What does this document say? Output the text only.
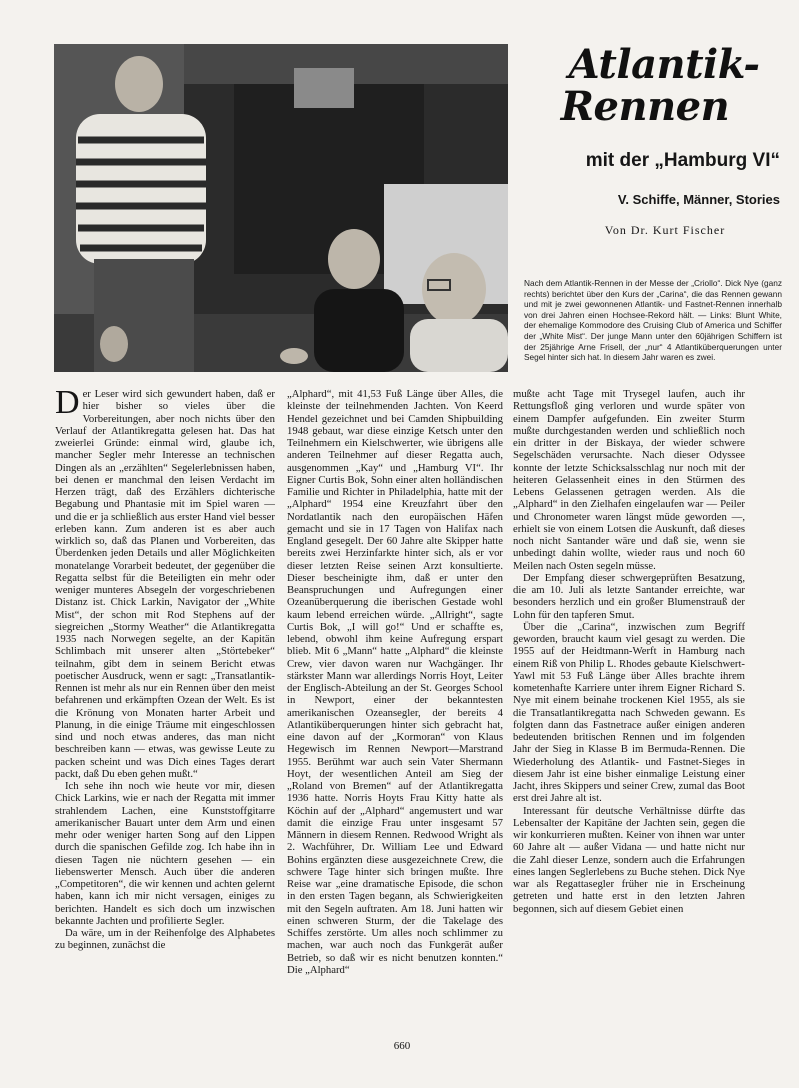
Atlantik-
Rennen
mit der „Hamburg VI“
V. Schiffe, Männer, Stories
Von Dr. Kurt Fischer
Nach dem Atlantik-Rennen in der Messe der „Criollo“. Dick Nye (ganz rechts) berichtet über den Kurs der „Carina“, die das Rennen gewann und mit je zwei gewonnenen Atlantik- und Fastnet-Rennen innerhalb von drei Jahren einen Hochsee-Rekord hält. — Links: Blunt White, der ehemalige Kommodore des Cruising Club of America und Schiffer der „White Mist“. Der junge Mann unter den 60jährigen Schiffern ist der 25jährige Arne Frisell, der „nur“ 4 Atlantiküberquerungen unter Segel hinter sich hat. In diesem Jahr waren es zwei.

Der Leser wird sich gewundert haben, daß er hier bisher so vieles über die Vorbereitungen, aber noch nichts über den Verlauf der Atlantikregatta gelesen hat. Das hat zweierlei Gründe: einmal wird, glaube ich, mancher Segler mehr Interesse an technischen Dingen als an „erzählten“ Segelerlebnissen haben, bei denen er manchmal den leisen Verdacht im Herzen trägt, daß des Erzählers dichterische Begabung und Phantasie mit im Spiel waren — und die er ja schließlich aus erster Hand viel besser erleben kann. Zum anderen ist es aber auch wirklich so, daß das Planen und Vorbereiten, das Überdenken jeden Details und aller Möglichkeiten monatelange Vorarbeit bedeutet, der gegenüber die Regatta selbst für die Beteiligten ein mehr oder weniger munteres Absegeln der vorgeschriebenen Distanz ist. Chick Larkin, Navigator der „White Mist“, der schon mit Rod Stephens auf der siegreichen „Stormy Weather“ die Atlantikregatta 1935 nach Norwegen segelte, an der Kapitän Schlimbach mit unserer alten „Störtebeker“ teilnahm, gibt dem in seinem Bericht etwas poetischer Ausdruck, wenn er sagt: „Transatlantik-Rennen ist mehr als nur ein Rennen über den meist befahrenen und erkämpften Ozean der Welt. Es ist die Krönung von Monaten harter Arbeit und Planung, in die einige Träume mit eingeschlossen sind und noch etwas anderes, das man nicht beschreiben kann — etwas, was gewisse Leute zu packen scheint und was Dich eines Tages derart packt, daß Du eben gehen mußt.“

Ich sehe ihn noch wie heute vor mir, diesen Chick Larkins, wie er nach der Regatta mit immer strahlendem Lachen, eine Kunststoffgitarre amerikanischer Bauart unter dem Arm und einen mehr oder weniger harten Song auf den Lippen durch die spanischen Gefilde zog. Ich habe ihn in diesen Tagen nie nüchtern gesehen — ein liebenswerter Mensch. Auch über die anderen „Competitoren“, die wir kennen und achten gelernt haben, kann ich mir nicht versagen, einiges zu berichten. Handelt es sich doch um inzwischen bekannte Jachten und profilierte Segler.

Da wäre, um in der Reihenfolge des Alphabetes zu beginnen, zunächst die

„Alphard“, mit 41,53 Fuß Länge über Alles, die kleinste der teilnehmenden Jachten. Von Keerd Hendel gezeichnet und bei Camden Shipbuilding 1948 gebaut, war diese einzige Ketsch unter den Teilnehmern ein Kielschwerter, wie übrigens alle anderen Teilnehmer auf dieser Regatta auch, ausgenommen „Kay“ und „Hamburg VI“. Ihr Eigner Curtis Bok, Sohn einer alten holländischen Familie und Richter in Philadelphia, hatte mit der „Alphard“ 1954 eine Kreuzfahrt über den Nordatlantik nach den europäischen Häfen gemacht und sie in 17 Tagen von Halifax nach England gesegelt. Der 60 Jahre alte Skipper hatte bereits zwei Herzinfarkte hinter sich, als er vor dieser letzten Reise seinen Arzt konsultierte. Dieser bescheinigte ihm, daß er unter den Beanspruchungen und Aufregungen einer Ozeanüberquerung die iberischen Gestade wohl kaum lebend erreichen würde. „Allright“, sagte Curtis Bok, „I will go!“ Und er schaffte es, lebend, obwohl ihm keine Aufregung erspart blieb. Mit 6 „Mann“ hatte „Alphard“ die kleinste Crew, vier davon waren nur Wachgänger. Ihr stärkster Mann war allerdings Norris Hoyt, Leiter der Englisch-Abteilung an der St. Georges School in Newport, einer der bekanntesten amerikanischen Ozeansegler, der bereits 4 Atlantiküberquerungen hinter sich gebracht hat, eine davon auf der „Kormoran“ von Klaus Hegewisch im Rennen Newport—Marstrand 1955. Berühmt war auch sein Vater Shermann Hoyt, der wesentlichen Anteil am Sieg der „Roland von Bremen“ auf der Atlantikregatta 1936 hatte. Norris Hoyts Frau Kitty hatte als Köchin auf der „Alphard“ angemustert und war damit die einzige Frau unter insgesamt 57 Männern in diesem Rennen. Redwood Wright als 2. Wachführer, Dr. William Lee und Edward Bohins ergänzten diese ausgezeichnete Crew, die schwere Tage hinter sich bringen mußte. Ihre Reise war „eine dramatische Episode, die schon in den ersten Tagen begann, als Schwierigkeiten mit den Segeln auftraten. Am 18. Juni hatten wir einen schweren Sturm, der die Takelage des Schiffes zerstörte. Um alles noch schlimmer zu machen, war auch noch das Funkgerät außer Betrieb, so daß wir es nicht benutzen konnten.“ Die „Alphard“

mußte acht Tage mit Trysegel laufen, auch ihr Rettungsfloß ging verloren und wurde später von einem Dampfer aufgefunden. Ein zweiter Sturm mußte durchgestanden werden und schließlich noch ein dritter in der Biskaya, der wieder schwere Segelschäden verursachte. Nach dieser Odyssee konnte der letzte Schicksalsschlag nur noch mit der heiteren Gelassenheit eines in den Stürmen des Lebens Gelassenen getragen werden. Als die „Alphard“ in den Zielhafen eingelaufen war — Peiler und Chronometer waren längst müde geworden —, erhielt sie von einem Lotsen die Auskunft, daß dieses noch nicht Santander wäre und daß sie, wenn sie unbedingt dahin wollte, wieder raus und noch 60 Meilen nach Osten segeln müsse.

Der Empfang dieser schwergeprüften Besatzung, die am 10. Juli als letzte Santander erreichte, war besonders herzlich und ein großer Blumenstrauß der Lohn für den tapferen Smut.

Über die „Carina“, inzwischen zum Begriff geworden, braucht kaum viel gesagt zu werden. Die 1955 auf der Heidtmann-Werft in Hamburg nach einem Riß von Philip L. Rhodes gebaute Kielschwert-Yawl mit 53 Fuß Länge über Alles brachte ihrem kometenhafte Karriere unter ihrem Eigner Richard S. Nye mit einem beinahe trockenen Kiel 1955, als sie die Transatlantikregatta nach Schweden gewann. Es folgten dann das Fastnetrace außer einigen anderen bedeutenden britischen Rennen und im folgenden Jahr der Sieg in Klasse B im Bermuda-Rennen. Die Wiederholung des Atlantik- und Fastnet-Sieges in diesem Jahr ist eine bisher einmalige Leistung einer Jacht, ihres Skippers und seiner Crew, zumal das Boot erst drei Jahre alt ist.

Interessant für deutsche Verhältnisse dürfte das Lebensalter der Kapitäne der Jachten sein, gegen die wir konkurrieren mußten. Keiner von ihnen war unter 60 Jahre alt — außer Vidana — und hatte nicht nur die Zahl dieser Lenze, sondern auch die Erfahrungen eines langen Seglerlebens zu Buche stehen. Dick Nye war als Regattasegler früher nie in Erscheinung getreten und hatte erst in den letzten Jahren begonnen, sich auf diesem Gebiet einen

660
